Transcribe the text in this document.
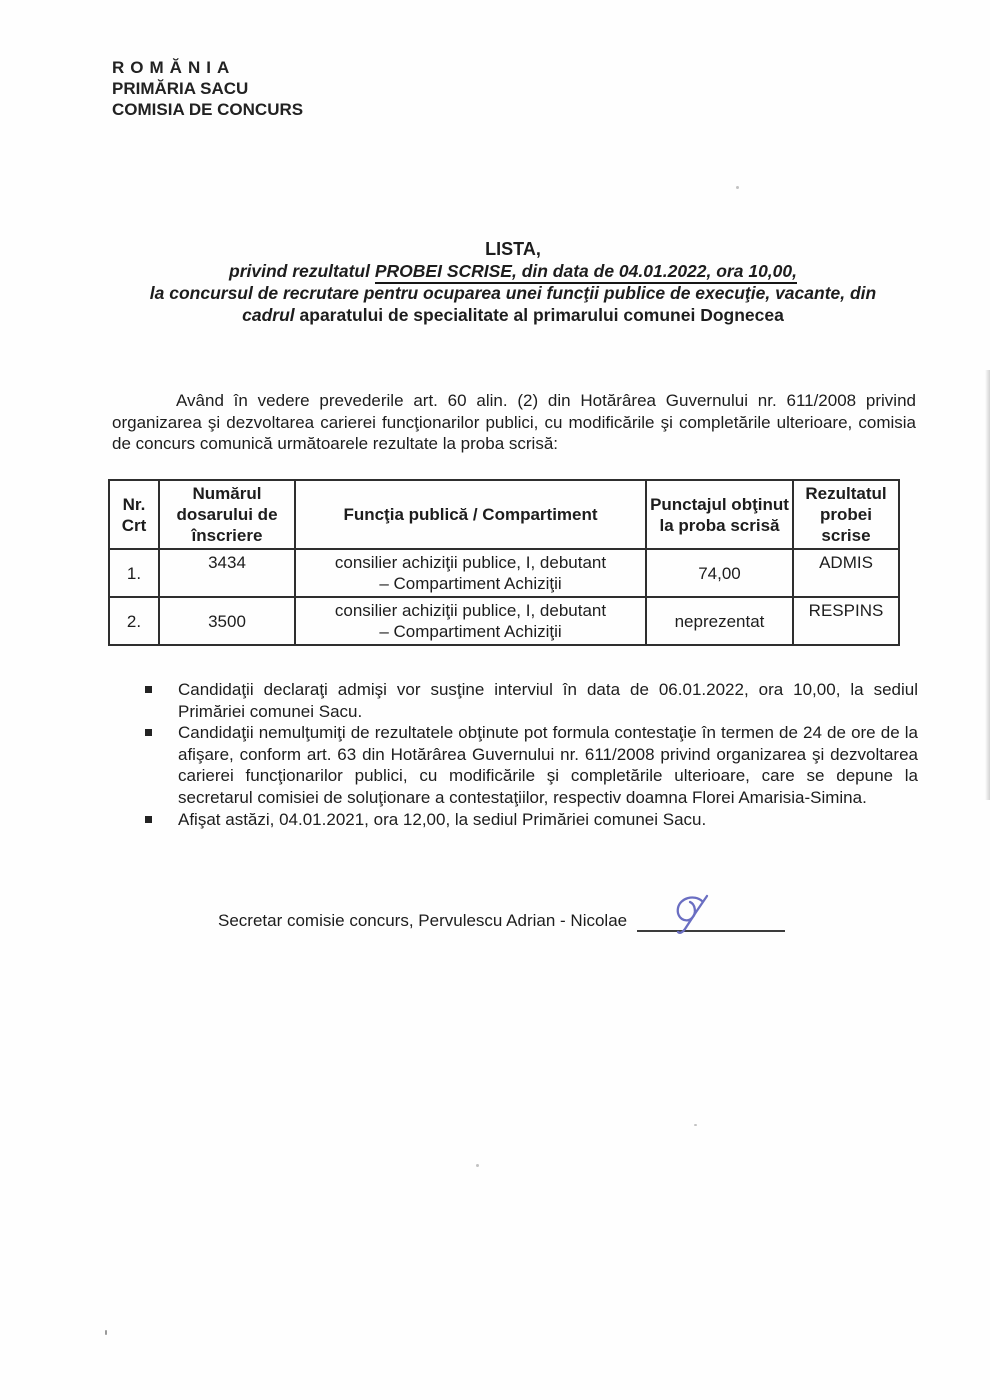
ROMĂNIA
PRIMĂRIA SACU
COMISIA DE CONCURS
LISTA,
privind rezultatul PROBEI SCRISE, din data de 04.01.2022, ora 10,00,
la concursul de recrutare pentru ocuparea unei funcţii publice de execuţie, vacante, din
cadrul aparatului de specialitate al primarului comunei Dognecea

Având în vedere prevederile art. 60 alin. (2) din Hotărârea Guvernului nr. 611/2008 privind organizarea şi dezvoltarea carierei funcţionarilor publici, cu modificările şi completările ulterioare, comisia de concurs comunică următoarele rezultate la proba scrisă:

Nr. Crt	Numărul dosarului de înscriere	Funcţia publică / Compartiment	Punctajul obţinut la proba scrisă	Rezultatul probei scrise
1.	3434	consilier achiziţii publice, I, debutant
– Compartiment Achiziţii	74,00	ADMIS
2.	3500	consilier achiziţii publice, I, debutant
– Compartiment Achiziţii	neprezentat	RESPINS
Candidaţii declaraţi admişi vor susţine interviul în data de 06.01.2022, ora 10,00, la sediul Primăriei comunei Sacu.
Candidaţii nemulţumiţi de rezultatele obţinute pot formula contestaţie în termen de 24 de ore de la afişare, conform art. 63 din Hotărârea Guvernului nr. 611/2008 privind organizarea şi dezvoltarea carierei funcţionarilor publici, cu modificările şi completările ulterioare, care se depune la secretarul comisiei de soluţionare a contestaţiilor, respectiv doamna Florei Amarisia-Simina.
Afişat astăzi, 04.01.2021, ora 12,00, la sediul Primăriei comunei Sacu.
Secretar comisie concurs, Pervulescu Adrian - Nicolae
